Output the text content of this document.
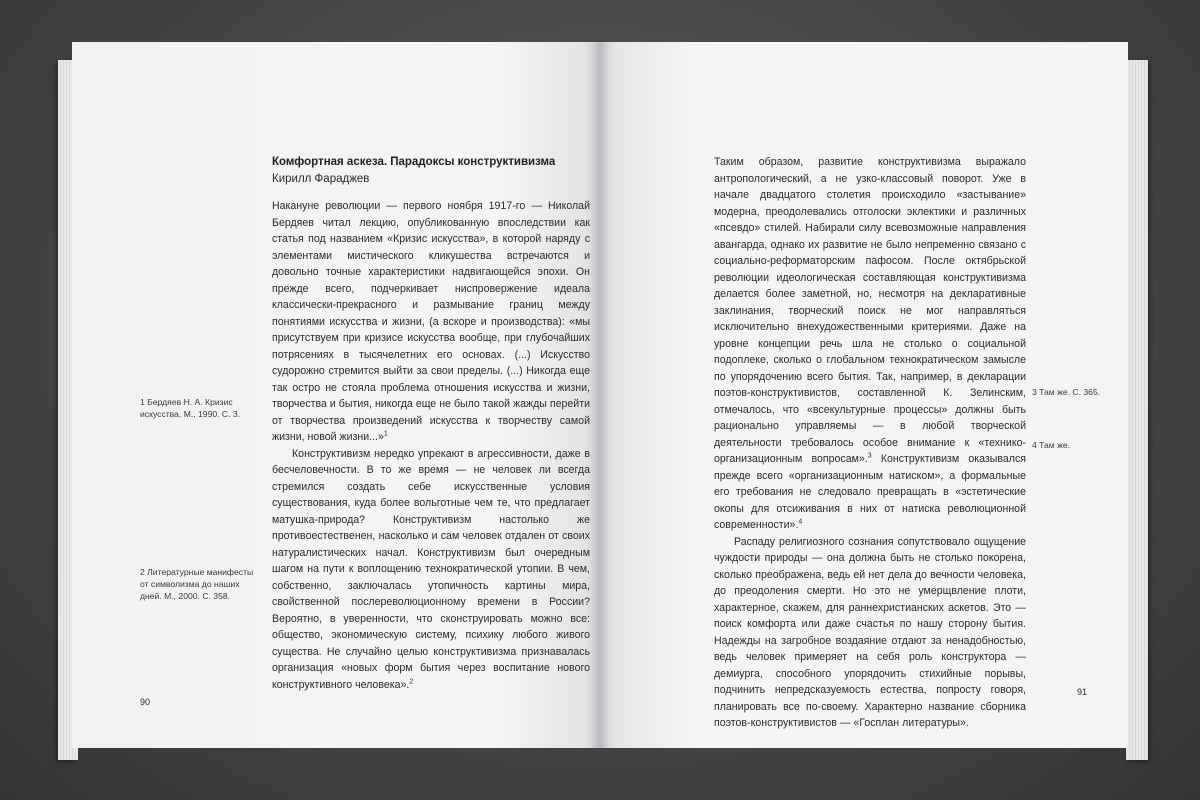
Комфортная аскеза. Парадоксы конструктивизма
Кирилл Фараджев

Накануне революции — первого ноября 1917-го — Николай Бердяев читал лекцию, опубликованную впоследствии как статья под названием «Кризис искусства», в которой наряду с элементами мистического кликушества встречаются и довольно точные характеристики надвигающейся эпохи. Он прежде всего, подчеркивает ниспровержение идеала классически-прекрасного и размывание границ между понятиями искусства и жизни, (а вскоре и производства): «мы присутствуем при кризисе искусства вообще, при глубочайших потрясениях в тысячелетних его основах. (...) Искусство судорожно стремится выйти за свои пределы. (...) Никогда еще так остро не стояла проблема отношения искусства и жизни, творчества и бытия, никогда еще не было такой жажды перейти от творчества произведений искусства к творчеству самой жизни, новой жизни...»$^1$

Конструктивизм нередко упрекают в агрессивности, даже в бесчеловечности. В то же время — не человек ли всегда стремился создать себе искусственные условия существования, куда более вольготные чем те, что предлагает матушка-природа? Конструктивизм настолько же противоестественен, насколько и сам человек отдален от своих натуралистических начал. Конструктивизм был очередным шагом на пути к воплощению технократической утопии. В чем, собственно, заключалась утопичность картины мира, свойственной послереволюционному времени в России? Вероятно, в уверенности, что сконструировать можно все: общество, экономическую систему, психику любого живого существа. Не случайно целью конструктивизма признавалась организация «новых форм бытия через воспитание нового конструктивного человека».$^2$

1 Бердяев Н. А. Кризис искусства. М., 1990. С. 3.

2 Литературные манифесты от символизма до наших дней. М., 2000. С. 358.

90

Таким образом, развитие конструктивизма выражало антропологический, а не узко-классовый поворот. Уже в начале двадцатого столетия происходило «застывание» модерна, преодолевались отголоски эклектики и различных «псевдо» стилей. Набирали силу всевозможные направления авангарда, однако их развитие не было непременно связано с социально-реформаторским пафосом. После октябрьской революции идеологическая составляющая конструктивизма делается более заметной, но, несмотря на декларативные заклинания, творческий поиск не мог направляться исключительно внехудожественными критериями. Даже на уровне концепции речь шла не столько о социальной подоплеке, сколько о глобальном технократическом замысле по упорядочению всего бытия. Так, например, в декларации поэтов-конструктивистов, составленной К. Зелинским, отмечалось, что «всекультурные процессы» должны быть рационально управляемы — в любой творческой деятельности требовалось особое внимание к «технико-организационным вопросам».$^3$ Конструктивизм оказывался прежде всего «организационным натиском», а формальные его требования не следовало превращать в «эстетические окопы для отсиживания в них от натиска революционной современности».$^4$

Распаду религиозного сознания сопутствовало ощущение чуждости природы — она должна быть не столько покорена, сколько преображена, ведь ей нет дела до вечности человека, до преодоления смерти. Но это не умерщвление плоти, характерное, скажем, для раннехристианских аскетов. Это — поиск комфорта или даже счастья по нашу сторону бытия. Надежды на загробное воздаяние отдают за ненадобностью, ведь человек примеряет на себя роль конструктора — демиурга, способного упорядочить стихийные порывы, подчинить непредсказуемость естества, попросту говоря, планировать все по-своему. Характерно название сборника поэтов-конструктивистов — «Госплан литературы».

3 Там же. С. 365.

4 Там же.

91
